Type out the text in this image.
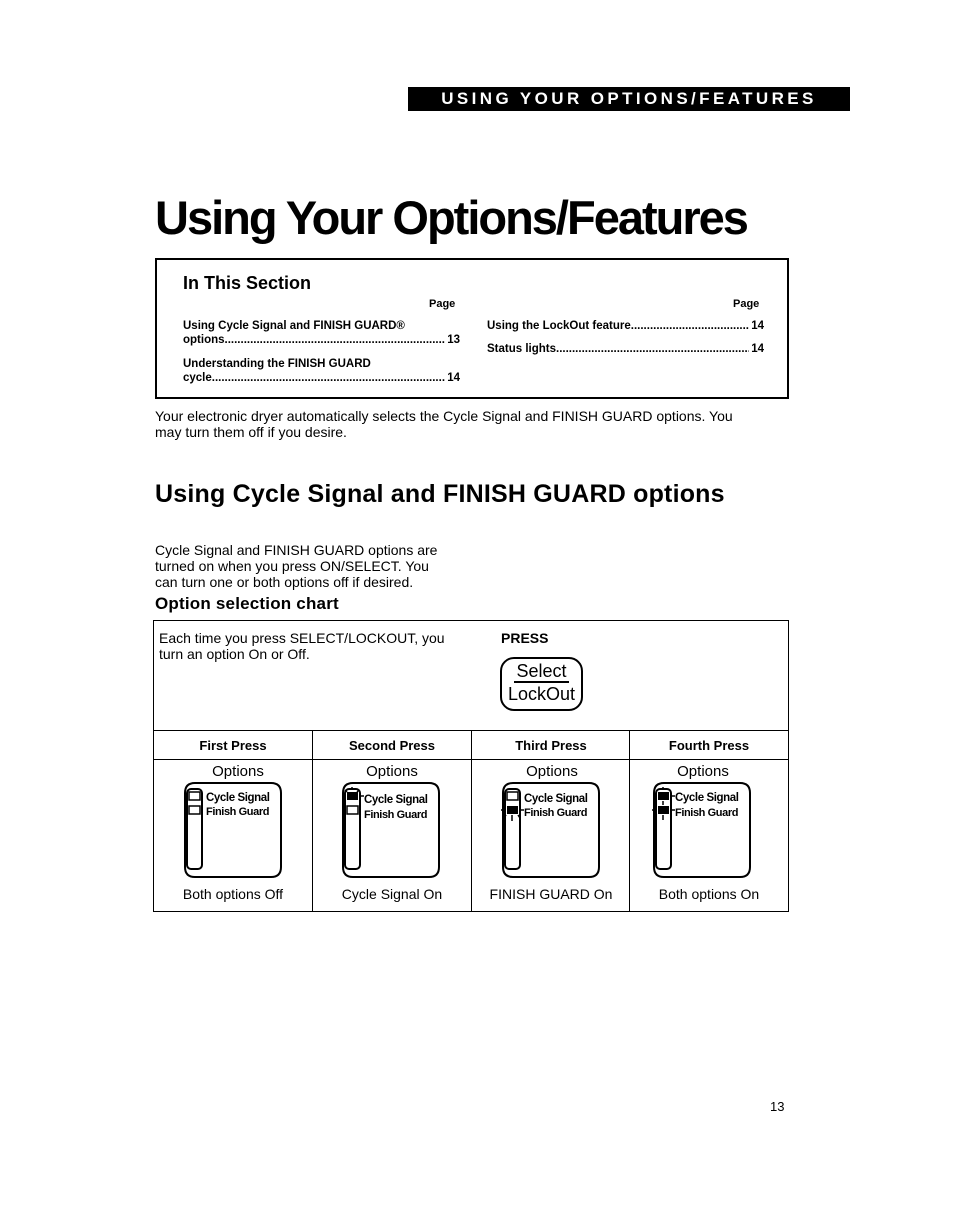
USING YOUR OPTIONS/FEATURES
Using Your Options/Features
In This Section
Page	Page
Using Cycle Signal and FINISH GUARD®
options .....	13
Understanding the FINISH GUARD
cycle .....	14
Using the LockOut feature .....	14
Status lights .....	14
Your electronic dryer automatically selects the Cycle Signal and FINISH GUARD options. You
may turn them off if you desire.
Using Cycle Signal and FINISH GUARD options
Cycle Signal and FINISH GUARD options are
turned on when you press ON/SELECT. You
can turn one or both options off if desired.
Option selection chart
Each time you press SELECT/LOCKOUT, you
turn an option On or Off.
PRESS
Select
LockOut
First Press	Second Press	Third Press	Fourth Press
Options
Cycle Signal
Finish Guard
Options
Cycle Signal
Finish Guard
Options
Cycle Signal
Finish Guard
Options
Cycle Signal
Finish Guard
Both options Off	Cycle Signal On	FINISH GUARD On	Both options On
13
